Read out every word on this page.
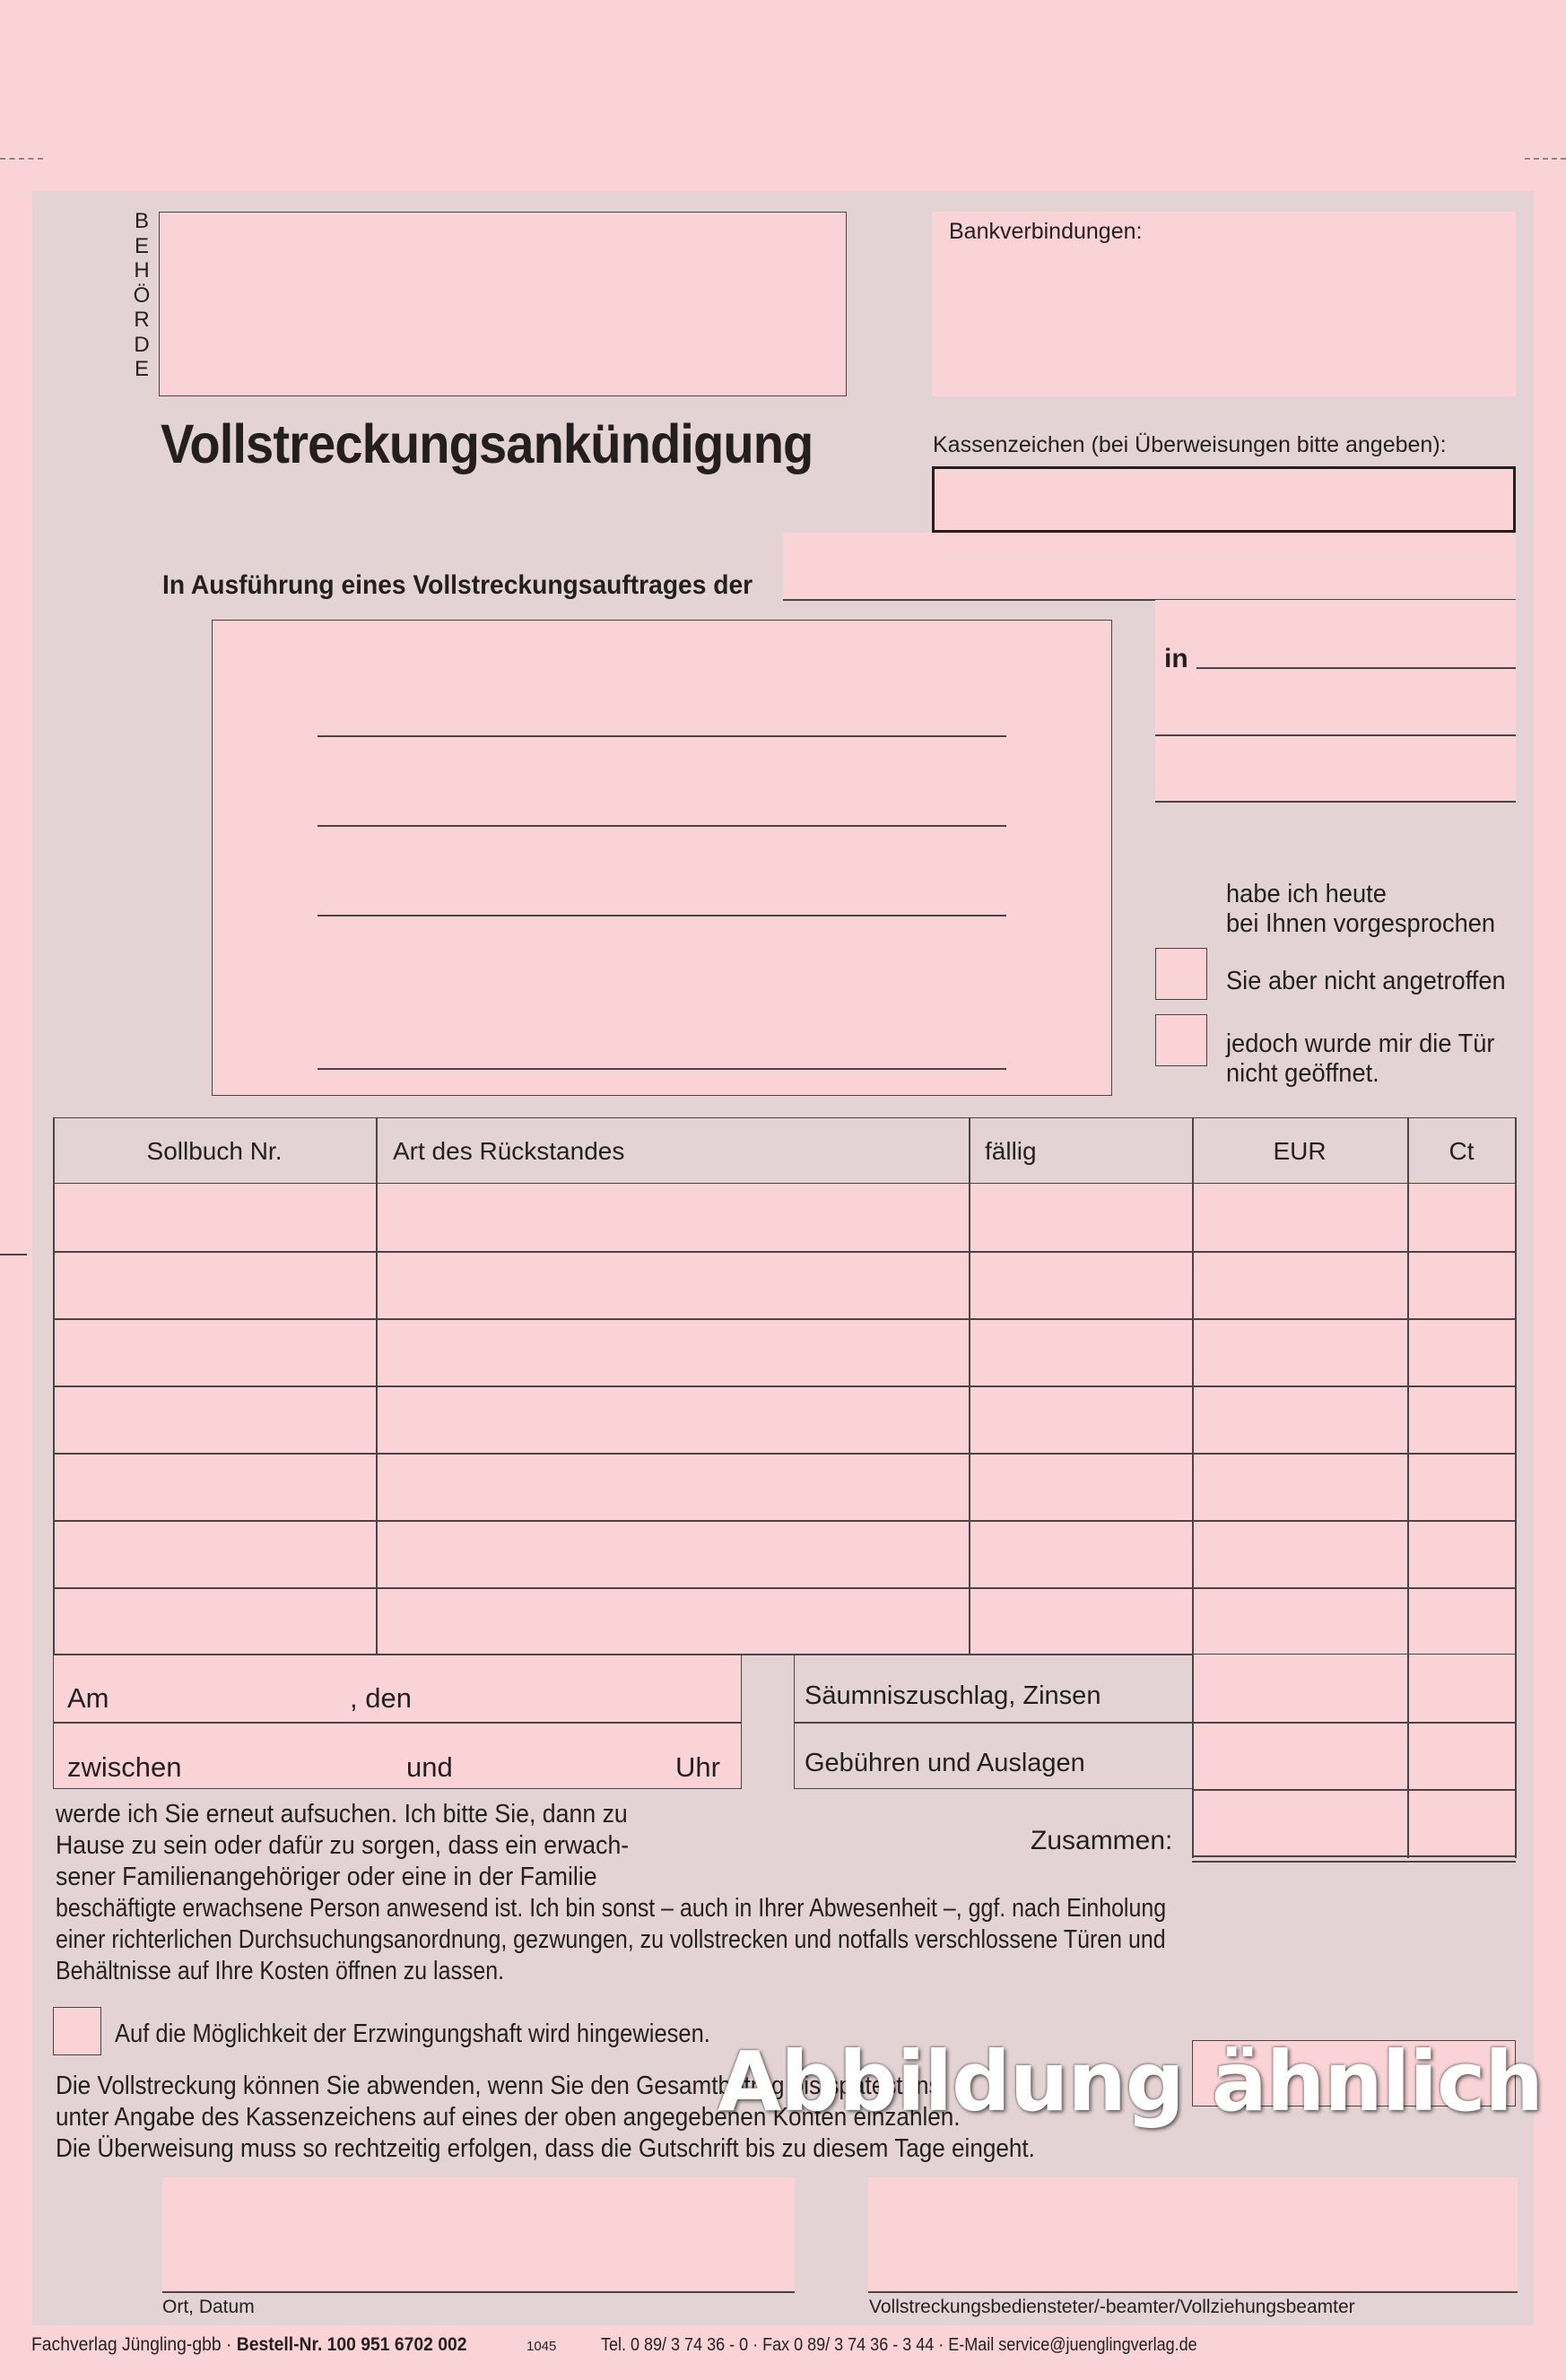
B
E
H
Ö
R
D
E
Bankverbindungen:
Vollstreckungsankündigung	Kassenzeichen (bei Überweisungen bitte angeben):
In Ausführung eines Vollstreckungsauftrages der
in
habe ich heute
bei Ihnen vorgesprochen
Sie aber nicht angetroffen
jedoch wurde mir die Tür
nicht geöffnet.
Sollbuch Nr.	Art des Rückstandes	fällig	EUR	Ct
Säumniszuschlag, Zinsen
Gebühren und Auslagen
Zusammen:
Am	, den
zwischen	und	Uhr
werde ich Sie erneut aufsuchen. Ich bitte Sie, dann zu
Hause zu sein oder dafür zu sorgen, dass ein erwach-
sener Familienangehöriger oder eine in der Familie
beschäftigte erwachsene Person anwesend ist. Ich bin sonst – auch in Ihrer Abwesenheit –, ggf. nach Einholung
einer richterlichen Durchsuchungsanordnung, gezwungen, zu vollstrecken und notfalls verschlossene Türen und
Behältnisse auf Ihre Kosten öffnen zu lassen.
Auf die Möglichkeit der Erzwingungshaft wird hingewiesen.
Die Vollstreckung können Sie abwenden, wenn Sie den Gesamtbetrag bis spätestens
unter Angabe des Kassenzeichens auf eines der oben angegebenen Konten einzahlen.
Die Überweisung muss so rechtzeitig erfolgen, dass die Gutschrift bis zu diesem Tage eingeht.
Abbildung ähnlich
Ort, Datum	Vollstreckungsbediensteter/-beamter/Vollziehungsbeamter
Fachverlag Jüngling-gbb · Bestell-Nr. 100 951 6702 002	1045 Tel. 0 89/ 3 74 36 - 0 · Fax 0 89/ 3 74 36 - 3 44 · E-Mail service@juenglingverlag.de
